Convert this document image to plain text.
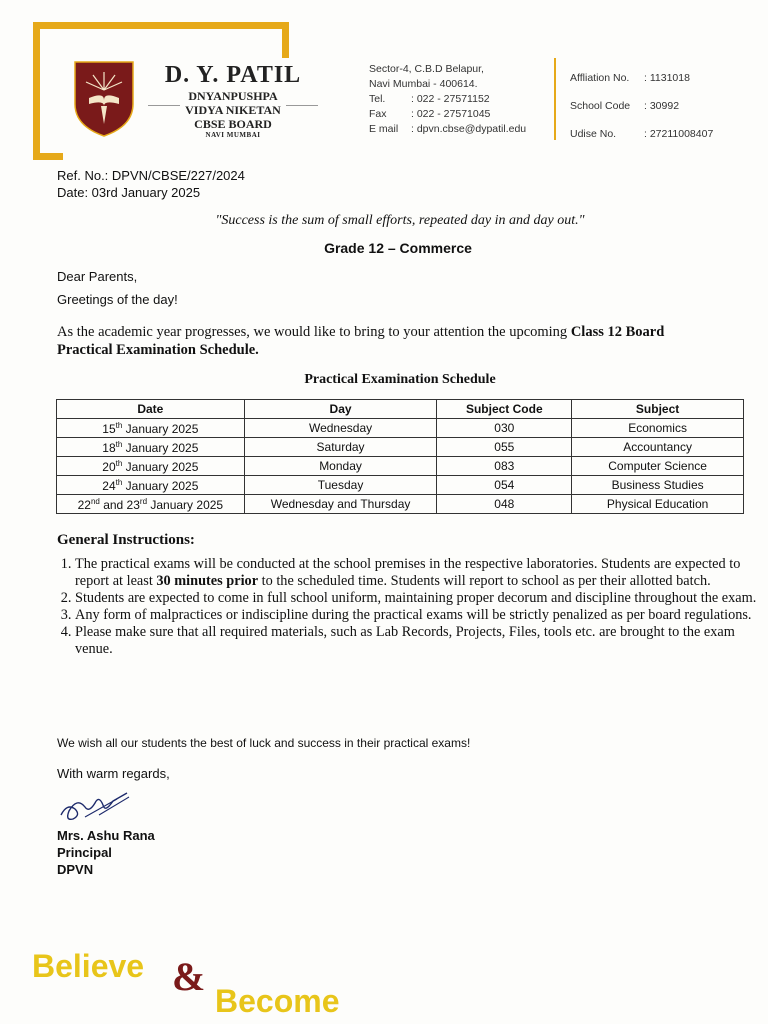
D. Y. PATIL
DNYANPUSHPA
VIDYA NIKETAN
CBSE BOARD
NAVI MUMBAI
Sector-4, C.B.D Belapur,
Navi Mumbai - 400614.
Tel.	: 022 - 27571152
Fax	: 022 - 27571045
E mail	: dpvn.cbse@dypatil.edu
Affliation No.	: 1131018
School Code	: 30992
Udise No.	: 27211008407
Ref. No.: DPVN/CBSE/227/2024
Date: 03rd January 2025
"Success is the sum of small efforts, repeated day in and day out."
Grade 12 – Commerce
Dear Parents,
Greetings of the day!
As the academic year progresses, we would like to bring to your attention the upcoming Class 12 Board Practical Examination Schedule.
Practical Examination Schedule
Date	Day	Subject Code	Subject
15th January 2025	Wednesday	030	Economics
18th January 2025	Saturday	055	Accountancy
20th January 2025	Monday	083	Computer Science
24th January 2025	Tuesday	054	Business Studies
22nd and 23rd January 2025	Wednesday and Thursday	048	Physical Education
General Instructions:
1. The practical exams will be conducted at the school premises in the respective laboratories. Students are expected to report at least 30 minutes prior to the scheduled time. Students will report to school as per their allotted batch.
2. Students are expected to come in full school uniform, maintaining proper decorum and discipline throughout the exam.
3. Any form of malpractices or indiscipline during the practical exams will be strictly penalized as per board regulations.
4. Please make sure that all required materials, such as Lab Records, Projects, Files, tools etc. are brought to the exam venue.
We wish all our students the best of luck and success in their practical exams!
With warm regards,
Mrs. Ashu Rana
Principal
DPVN
Believe &
Become
